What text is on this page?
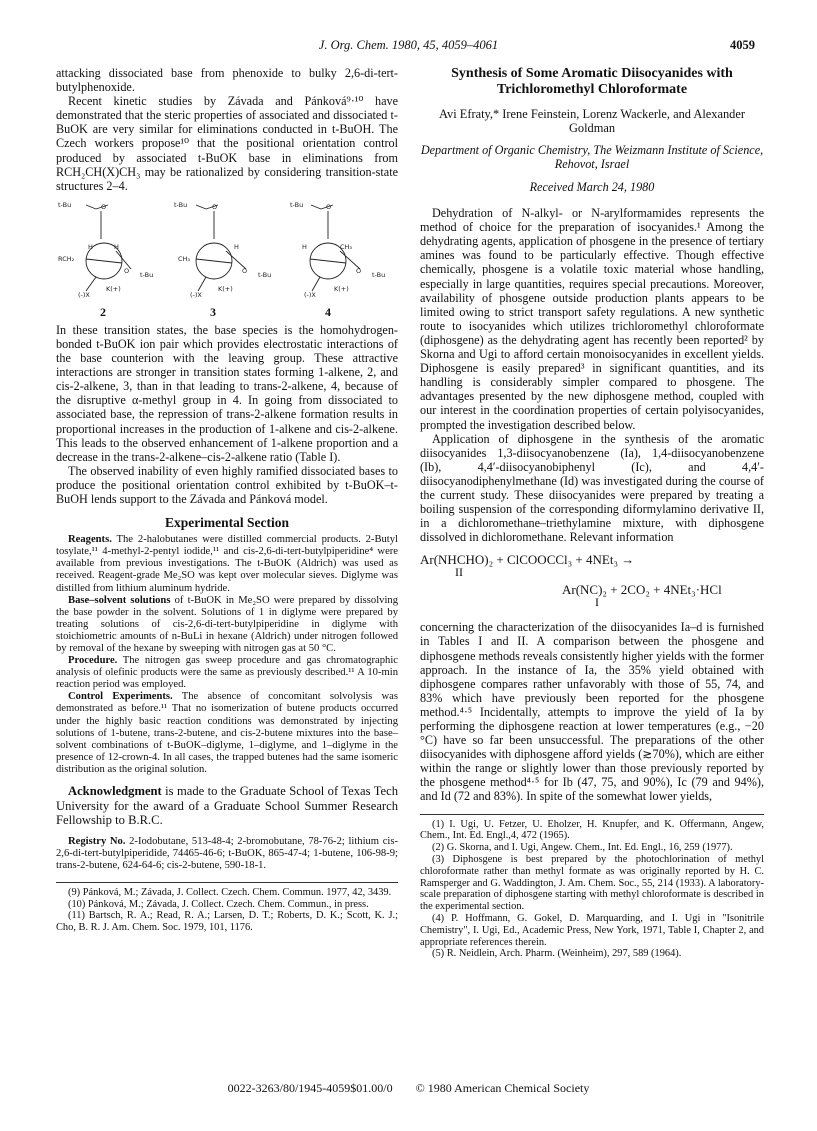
J. Org. Chem. 1980, 45, 4059–4061	4059

attacking dissociated base from phenoxide to bulky 2,6-di-tert-butylphenoxide.

Recent kinetic studies by Závada and Pánková⁹·¹⁰ have demonstrated that the steric properties of associated and dissociated t-BuOK are very similar for eliminations conducted in t-BuOH. The Czech workers propose¹⁰ that the positional orientation control produced by associated t-BuOK base in eliminations from RCH₂CH(X)CH₃ may be rationalized by considering transition-state structures 2–4.

t-Bu	O
RCH₂
H	H
O t-Bu
(-)X
K(+)
t-Bu	O
CH₃
H
O t-Bu
(-)X
K(+)
t-Bu	O
H	CH₃
O t-Bu
(-)X
K(+)
2	3	4

In these transition states, the base species is the homohydrogen-bonded t-BuOK ion pair which provides electrostatic interactions of the base counterion with the leaving group. These attractive interactions are stronger in transition states forming 1-alkene, 2, and cis-2-alkene, 3, than in that leading to trans-2-alkene, 4, because of the disruptive α-methyl group in 4. In going from dissociated to associated base, the repression of trans-2-alkene formation results in proportional increases in the production of 1-alkene and cis-2-alkene. This leads to the observed enhancement of 1-alkene proportion and a decrease in the trans-2-alkene–cis-2-alkene ratio (Table I).

The observed inability of even highly ramified dissociated bases to produce the positional orientation control exhibited by t-BuOK–t-BuOH lends support to the Závada and Pánková model.

Experimental Section

Reagents. The 2-halobutanes were distilled commercial products. 2-Butyl tosylate,¹¹ 4-methyl-2-pentyl iodide,¹¹ and cis-2,6-di-tert-butylpiperidine⁴ were available from previous investigations. The t-BuOK (Aldrich) was used as received. Reagent-grade Me₂SO was kept over molecular sieves. Diglyme was distilled from lithium aluminum hydride.

Base–solvent solutions of t-BuOK in Me₂SO were prepared by dissolving the base powder in the solvent. Solutions of 1 in diglyme were prepared by treating solutions of cis-2,6-di-tert-butylpiperidine in diglyme with stoichiometric amounts of n-BuLi in hexane (Aldrich) under nitrogen followed by removal of the hexane by sweeping with nitrogen gas at 50 °C.

Procedure. The nitrogen gas sweep procedure and gas chromatographic analysis of olefinic products were the same as previously described.¹¹ A 10-min reaction period was employed.

Control Experiments. The absence of concomitant solvolysis was demonstrated as before.¹¹ That no isomerization of butene products occurred under the highly basic reaction conditions was demonstrated by injecting solutions of 1-butene, trans-2-butene, and cis-2-butene mixtures into the base–solvent combinations of t-BuOK–diglyme, 1–diglyme, and 1–diglyme in the presence of 12-crown-4. In all cases, the trapped butenes had the same isomeric distribution as the original solution.

Acknowledgment is made to the Graduate School of Texas Tech University for the award of a Graduate School Summer Research Fellowship to B.R.C.

Registry No. 2-Iodobutane, 513-48-4; 2-bromobutane, 78-76-2; lithium cis-2,6-di-tert-butylpiperidide, 74465-46-6; t-BuOK, 865-47-4; 1-butene, 106-98-9; trans-2-butene, 624-64-6; cis-2-butene, 590-18-1.

(9) Pánková, M.; Závada, J. Collect. Czech. Chem. Commun. 1977, 42, 3439.

(10) Pánková, M.; Závada, J. Collect. Czech. Chem. Commun., in press.

(11) Bartsch, R. A.; Read, R. A.; Larsen, D. T.; Roberts, D. K.; Scott, K. J.; Cho, B. R. J. Am. Chem. Soc. 1979, 101, 1176.

Synthesis of Some Aromatic Diisocyanides with Trichloromethyl Chloroformate
Avi Efraty,* Irene Feinstein, Lorenz Wackerle, and Alexander Goldman
Department of Organic Chemistry, The Weizmann Institute of Science, Rehovot, Israel
Received March 24, 1980

Dehydration of N-alkyl- or N-arylformamides represents the method of choice for the preparation of isocyanides.¹ Among the dehydrating agents, application of phosgene in the presence of tertiary amines was found to be particularly effective. Though effective chemically, phosgene is a volatile toxic material whose handling, especially in large quantities, requires special precautions. Moreover, availability of phosgene outside production plants appears to be limited owing to strict transport safety regulations. A new synthetic route to isocyanides which utilizes trichloromethyl chloroformate (diphosgene) as the dehydrating agent has recently been reported² by Skorna and Ugi to afford certain monoisocyanides in excellent yields. Diphosgene is easily prepared³ in significant quantities, and its handling is considerably simpler compared to phosgene. The advantages presented by the new diphosgene method, coupled with our interest in the coordination properties of certain polyisocyanides, prompted the investigation described below.

Application of diphosgene in the synthesis of the aromatic diisocyanides 1,3-diisocyanobenzene (Ia), 1,4-diisocyanobenzene (Ib), 4,4′-diisocyanobiphenyl (Ic), and 4,4′-diisocyanodiphenylmethane (Id) was investigated during the course of the current study. These diisocyanides were prepared by treating a boiling suspension of the corresponding diformylamino derivative II, in a dichloromethane–triethylamine mixture, with diphosgene dissolved in dichloromethane. Relevant information

Ar(NHCHO)₂ + ClCOOCCl₃ + 4NEt₃ →
II
Ar(NC)₂ + 2CO₂ + 4NEt₃·HCl
I

concerning the characterization of the diisocyanides Ia–d is furnished in Tables I and II. A comparison between the phosgene and diphosgene methods reveals consistently higher yields with the former approach. In the instance of Ia, the 35% yield obtained with diphosgene compares rather unfavorably with those of 55, 74, and 83% which have previously been reported for the phosgene method.⁴·⁵ Incidentally, attempts to improve the yield of Ia by performing the diphosgene reaction at lower temperatures (e.g., −20 °C) have so far been unsuccessful. The preparations of the other diisocyanides with diphosgene afford yields (≳70%), which are either within the range or slightly lower than those previously reported by the phosgene method⁴·⁵ for Ib (47, 75, and 90%), Ic (79 and 94%), and Id (72 and 83%). In spite of the somewhat lower yields,

(1) I. Ugi, U. Fetzer, U. Eholzer, H. Knupfer, and K. Offermann, Angew, Chem., Int. Ed. Engl.,4, 472 (1965).

(2) G. Skorna, and I. Ugi, Angew. Chem., Int. Ed. Engl., 16, 259 (1977).

(3) Diphosgene is best prepared by the photochlorination of methyl chloroformate rather than methyl formate as was originally reported by H. C. Ramsperger and G. Waddington, J. Am. Chem. Soc., 55, 214 (1933). A laboratory-scale preparation of diphosgene starting with methyl chloroformate is described in the experimental section.

(4) P. Hoffmann, G. Gokel, D. Marquarding, and I. Ugi in "Isonitrile Chemistry", I. Ugi, Ed., Academic Press, New York, 1971, Table I, Chapter 2, and appropriate references therein.

(5) R. Neidlein, Arch. Pharm. (Weinheim), 297, 589 (1964).

0022-3263/80/1945-4059$01.00/0 © 1980 American Chemical Society
